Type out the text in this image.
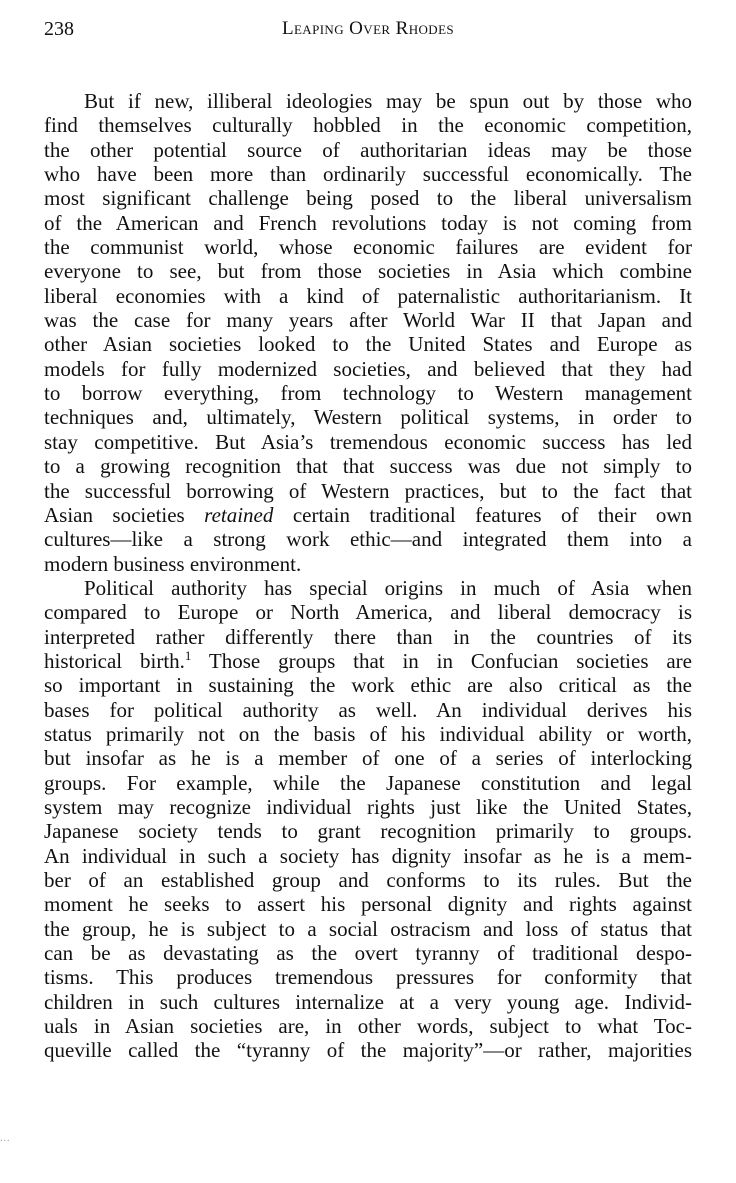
238	Leaping Over Rhodes
But if new, illiberal ideologies may be spun out by those who
find themselves culturally hobbled in the economic competition,
the other potential source of authoritarian ideas may be those
who have been more than ordinarily successful economically. The
most significant challenge being posed to the liberal universalism
of the American and French revolutions today is not coming from
the communist world, whose economic failures are evident for
everyone to see, but from those societies in Asia which combine
liberal economies with a kind of paternalistic authoritarianism. It
was the case for many years after World War II that Japan and
other Asian societies looked to the United States and Europe as
models for fully modernized societies, and believed that they had
to borrow everything, from technology to Western management
techniques and, ultimately, Western political systems, in order to
stay competitive. But Asia’s tremendous economic success has led
to a growing recognition that that success was due not simply to
the successful borrowing of Western practices, but to the fact that
Asian societies retained certain traditional features of their own
cultures—like a strong work ethic—and integrated them into a
modern business environment.
Political authority has special origins in much of Asia when
compared to Europe or North America, and liberal democracy is
interpreted rather differently there than in the countries of its
historical birth.$^1$ Those groups that in in Confucian societies are
so important in sustaining the work ethic are also critical as the
bases for political authority as well. An individual derives his
status primarily not on the basis of his individual ability or worth,
but insofar as he is a member of one of a series of interlocking
groups. For example, while the Japanese constitution and legal
system may recognize individual rights just like the United States,
Japanese society tends to grant recognition primarily to groups.
An individual in such a society has dignity insofar as he is a mem-
ber of an established group and conforms to its rules. But the
moment he seeks to assert his personal dignity and rights against
the group, he is subject to a social ostracism and loss of status that
can be as devastating as the overt tyranny of traditional despo-
tisms. This produces tremendous pressures for conformity that
children in such cultures internalize at a very young age. Individ-
uals in Asian societies are, in other words, subject to what Toc-
queville called the “tyranny of the majority”—or rather, majorities
...
